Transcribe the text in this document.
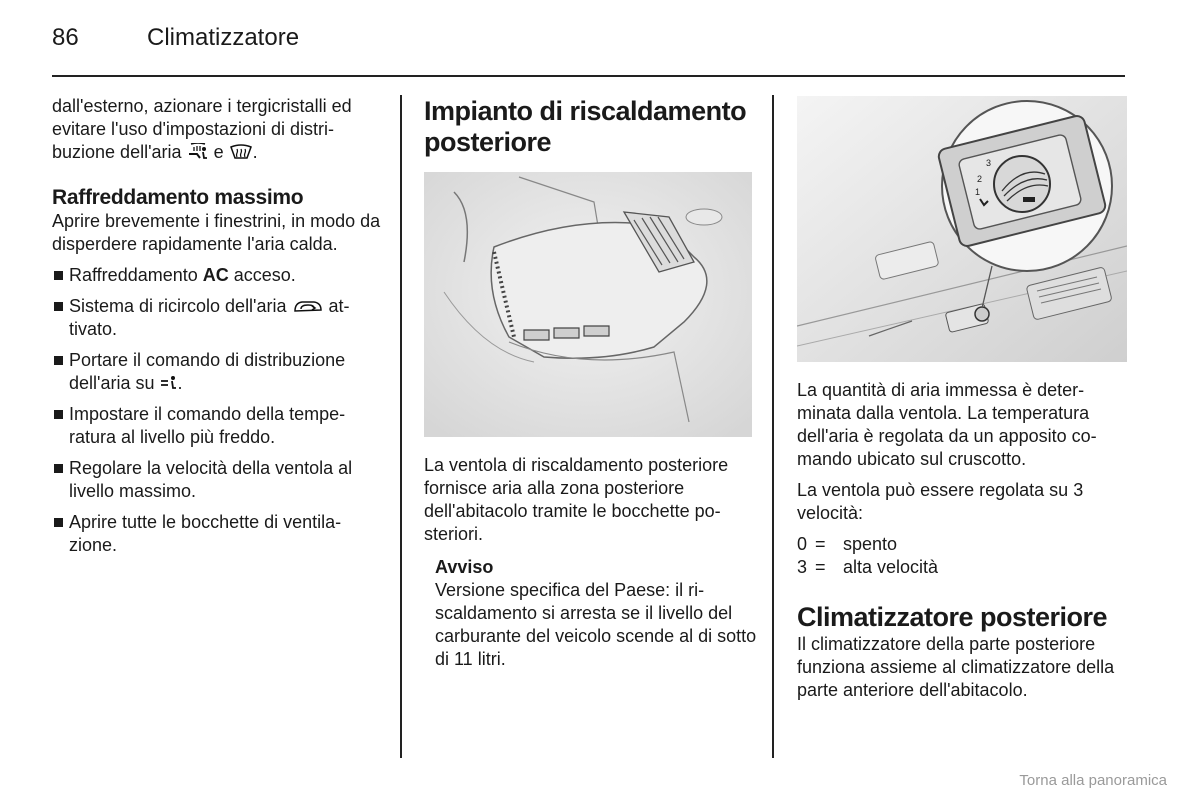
86	Climatizzatore

dall'esterno, azionare i tergicristalli ed evitare l'uso d'impostazioni di distribuzione dell'aria e .

Raffreddamento massimo

Aprire brevemente i finestrini, in modo da disperdere rapidamente l'aria calda.

Raffreddamento AC acceso.
Sistema di ricircolo dell'aria  attivato.
Portare il comando di distribuzione dell'aria su .
Impostare il comando della temperatura al livello più freddo.
Regolare la velocità della ventola al livello massimo.
Aprire tutte le bocchette di ventilazione.
Impianto di riscaldamento posteriore

La ventola di riscaldamento posteriore fornisce aria alla zona posteriore dell'abitacolo tramite le bocchette posteriori.

Avviso
Versione specifica del Paese: il riscaldamento si arresta se il livello del carburante del veicolo scende al di sotto di 11 litri.
3
2
1

La quantità di aria immessa è determinata dalla ventola. La temperatura dell'aria è regolata da un apposito comando ubicato sul cruscotto.

La ventola può essere regolata su 3 velocità:

0 = spento
3 = alta velocità
Climatizzatore posteriore

Il climatizzatore della parte posteriore funziona assieme al climatizzatore della parte anteriore dell'abitacolo.

Torna alla panoramica
